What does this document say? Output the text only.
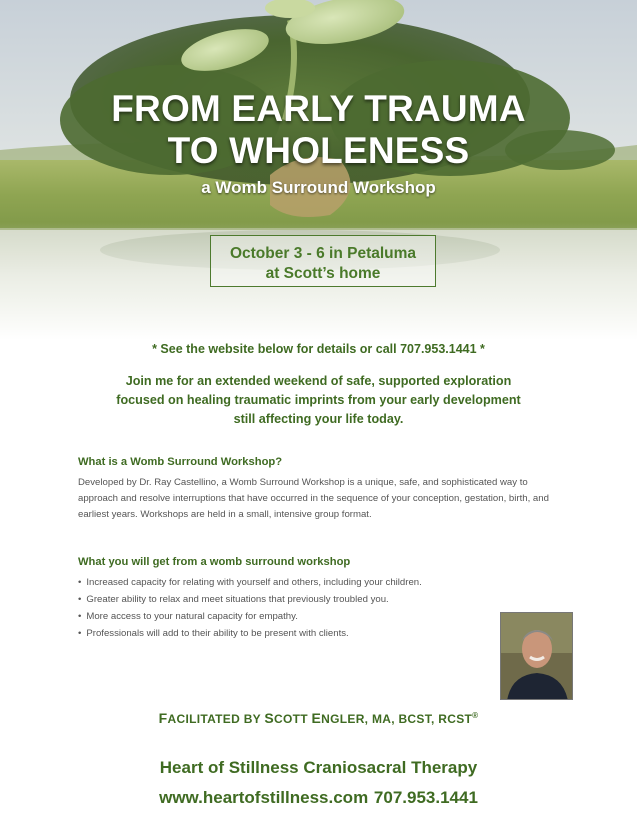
FROM EARLY TRAUMA
TO WHOLENESS
a Womb Surround Workshop
October 3 - 6 in Petaluma
at Scott’s home
* See the website below for details or call 707.953.1441 *
Join me for an extended weekend of safe, supported exploration
focused on healing traumatic imprints from your early development
still affecting your life today.
What is a Womb Surround Workshop?
Developed by Dr. Ray Castellino, a Womb Surround Workshop is a unique, safe, and sophisticated way to approach and resolve interruptions that have occurred in the sequence of your conception, gestation, birth, and earliest years. Workshops are held in a small, intensive group format.
What you will get from a womb surround workshop
• Increased capacity for relating with yourself and others, including your children.
• Greater ability to relax and meet situations that previously troubled you.
• More access to your natural capacity for empathy.
• Professionals will add to their ability to be present with clients.
FACILITATED BY SCOTT ENGLER, MA, BCST, RCST®
Heart of Stillness Craniosacral Therapy
www.heartofstillness.com 707.953.1441
